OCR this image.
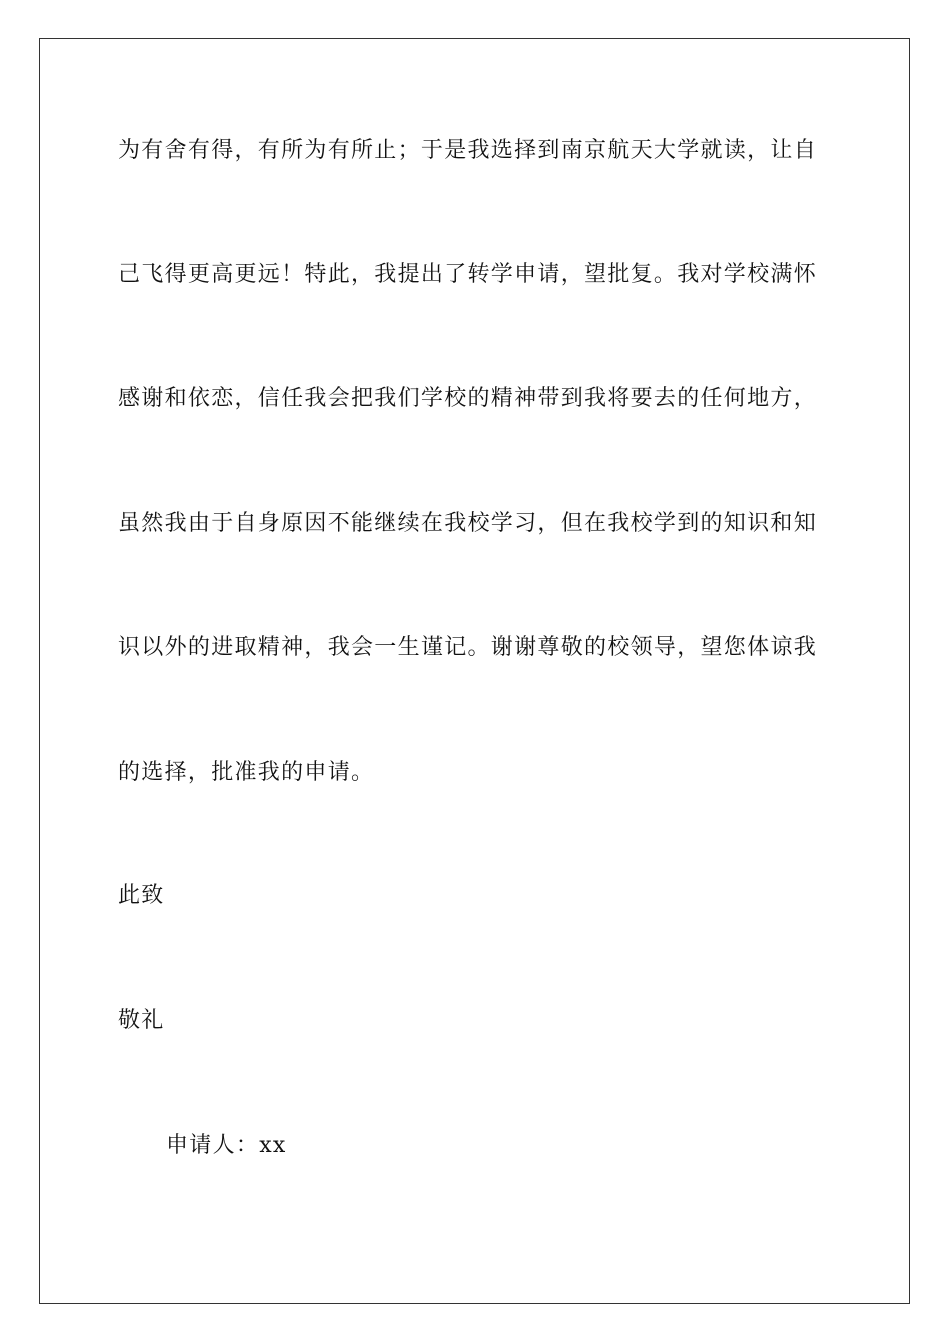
为有舍有得，有所为有所止；于是我选择到南京航天大学就读，让自
己飞得更高更远！特此，我提出了转学申请，望批复。我对学校满怀
感谢和依恋，信任我会把我们学校的精神带到我将要去的任何地方，
虽然我由于自身原因不能继续在我校学习，但在我校学到的知识和知
识以外的进取精神，我会一生谨记。谢谢尊敬的校领导，望您体谅我
的选择，批准我的申请。
此致
敬礼
申请人：xx
